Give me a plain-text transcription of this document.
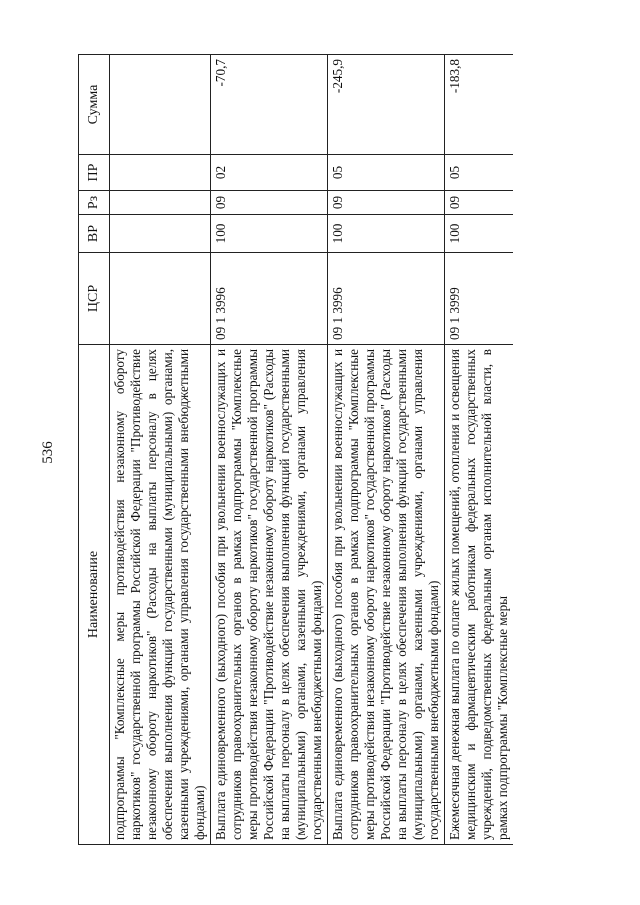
536
Наименование	ЦСР	ВР	Рз	ПР	Сумма
подпрограммы "Комплексные меры противодействия незаконному обороту наркотиков" государственной программы Российской Федерации "Противодействие незаконному обороту наркотиков" (Расходы на выплаты персоналу в целях обеспечения выполнения функций государственными (муниципальными) органами, казенными учреждениями, органами управления государственными внебюджетными фондами)					
Выплата единовременного (выходного) пособия при увольнении военнослужащих и сотрудников правоохранительных органов в рамках подпрограммы "Комплексные меры противодействия незаконному обороту наркотиков" государственной программы Российской Федерации "Противодействие незаконному обороту наркотиков" (Расходы на выплаты персоналу в целях обеспечения выполнения функций государственными (муниципальными) органами, казенными учреждениями, органами управления государственными внебюджетными фондами)	09 1 3996	100	09	02	-70,7
Выплата единовременного (выходного) пособия при увольнении военнослужащих и сотрудников правоохранительных органов в рамках подпрограммы "Комплексные меры противодействия незаконному обороту наркотиков" государственной программы Российской Федерации "Противодействие незаконному обороту наркотиков" (Расходы на выплаты персоналу в целях обеспечения выполнения функций государственными (муниципальными) органами, казенными учреждениями, органами управления государственными внебюджетными фондами)	09 1 3996	100	09	05	-245,9
Ежемесячная денежная выплата по оплате жилых помещений, отопления и освещения медицинским и фармацевтическим работникам федеральных государственных учреждений, подведомственных федеральным органам исполнительной власти, в рамках подпрограммы "Комплексные меры	09 1 3999	100	09	05	-183,8
